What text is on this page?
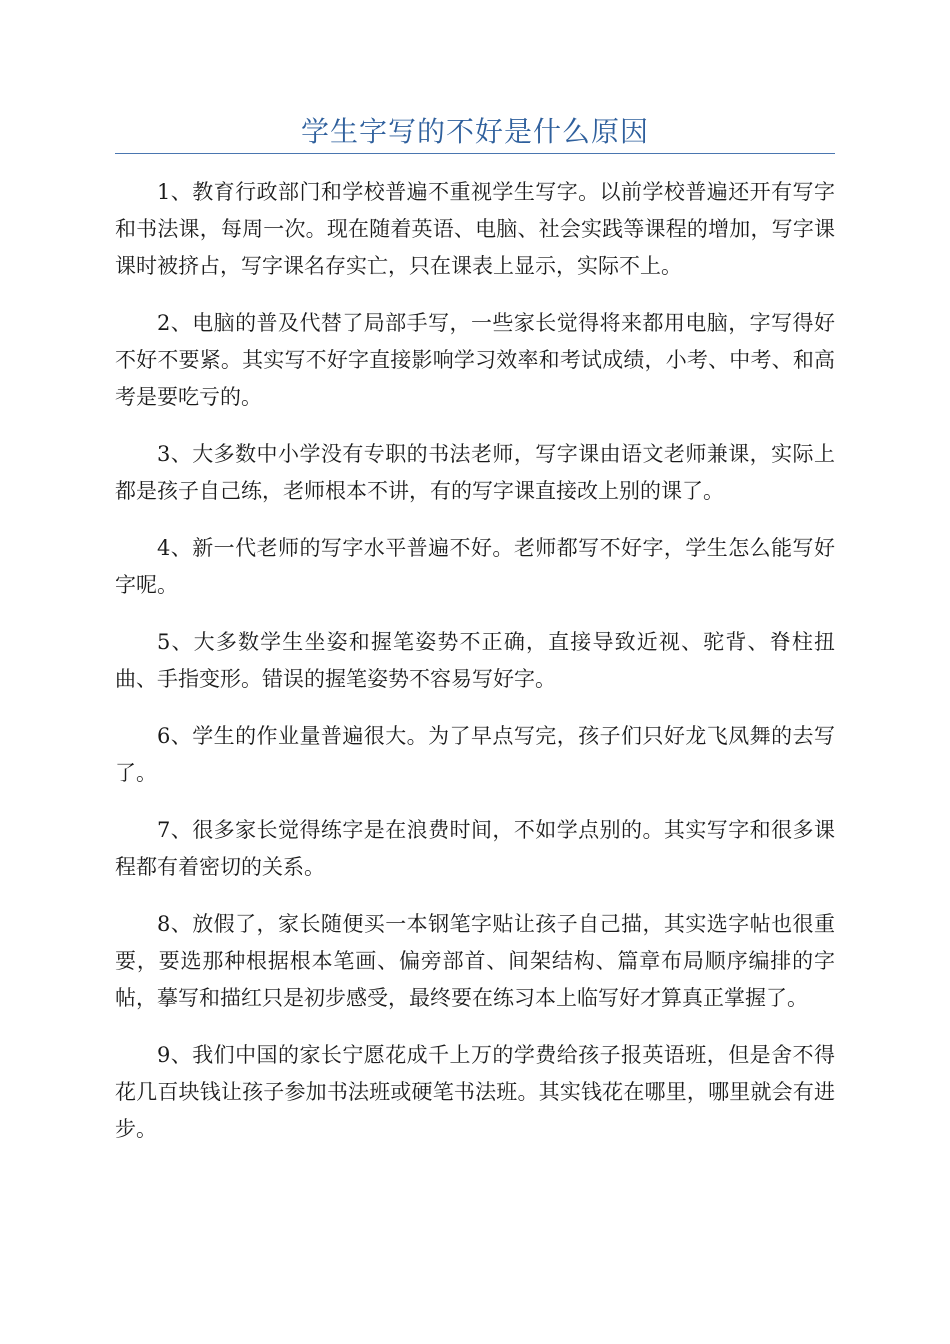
学生字写的不好是什么原因

1、教育行政部门和学校普遍不重视学生写字。以前学校普遍还开有写字和书法课，每周一次。现在随着英语、电脑、社会实践等课程的增加，写字课课时被挤占，写字课名存实亡，只在课表上显示，实际不上。

2、电脑的普及代替了局部手写，一些家长觉得将来都用电脑，字写得好不好不要紧。其实写不好字直接影响学习效率和考试成绩，小考、中考、和高考是要吃亏的。

3、大多数中小学没有专职的书法老师，写字课由语文老师兼课，实际上都是孩子自己练，老师根本不讲，有的写字课直接改上别的课了。

4、新一代老师的写字水平普遍不好。老师都写不好字，学生怎么能写好字呢。

5、大多数学生坐姿和握笔姿势不正确，直接导致近视、驼背、脊柱扭曲、手指变形。错误的握笔姿势不容易写好字。

6、学生的作业量普遍很大。为了早点写完，孩子们只好龙飞凤舞的去写了。

7、很多家长觉得练字是在浪费时间，不如学点别的。其实写字和很多课程都有着密切的关系。

8、放假了，家长随便买一本钢笔字贴让孩子自己描，其实选字帖也很重要，要选那种根据根本笔画、偏旁部首、间架结构、篇章布局顺序编排的字帖，摹写和描红只是初步感受，最终要在练习本上临写好才算真正掌握了。

9、我们中国的家长宁愿花成千上万的学费给孩子报英语班，但是舍不得花几百块钱让孩子参加书法班或硬笔书法班。其实钱花在哪里，哪里就会有进步。
